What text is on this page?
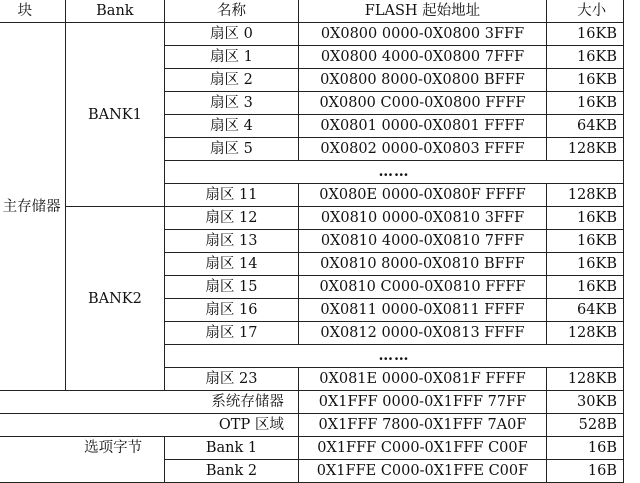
块	Bank	名称	FLASH 起始地址	大小
主存储器	BANK1	扇区 0	0X0800 0000-0X0800 3FFF	16KB
		扇区 1	0X0800 4000-0X0800 7FFF	16KB
		扇区 2	0X0800 8000-0X0800 BFFF	16KB
		扇区 3	0X0800 C000-0X0800 FFFF	16KB
		扇区 4	0X0801 0000-0X0801 FFFF	64KB
		扇区 5	0X0802 0000-0X0803 FFFF	128KB
		……		
		扇区 11	0X080E 0000-0X080F FFFF	128KB
	BANK2	扇区 12	0X0810 0000-0X0810 3FFF	16KB
		扇区 13	0X0810 4000-0X0810 7FFF	16KB
		扇区 14	0X0810 8000-0X0810 BFFF	16KB
		扇区 15	0X0810 C000-0X0810 FFFF	16KB
		扇区 16	0X0811 0000-0X0811 FFFF	64KB
		扇区 17	0X0812 0000-0X0813 FFFF	128KB
		……		
		扇区 23	0X081E 0000-0X081F FFFF	128KB
系统存储器			0X1FFF 0000-0X1FFF 77FF	30KB
OTP 区域			0X1FFF 7800-0X1FFF 7A0F	528B
选项字节		Bank 1	0X1FFF C000-0X1FFF C00F	16B
		Bank 2	0X1FFE C000-0X1FFE C00F	16B
